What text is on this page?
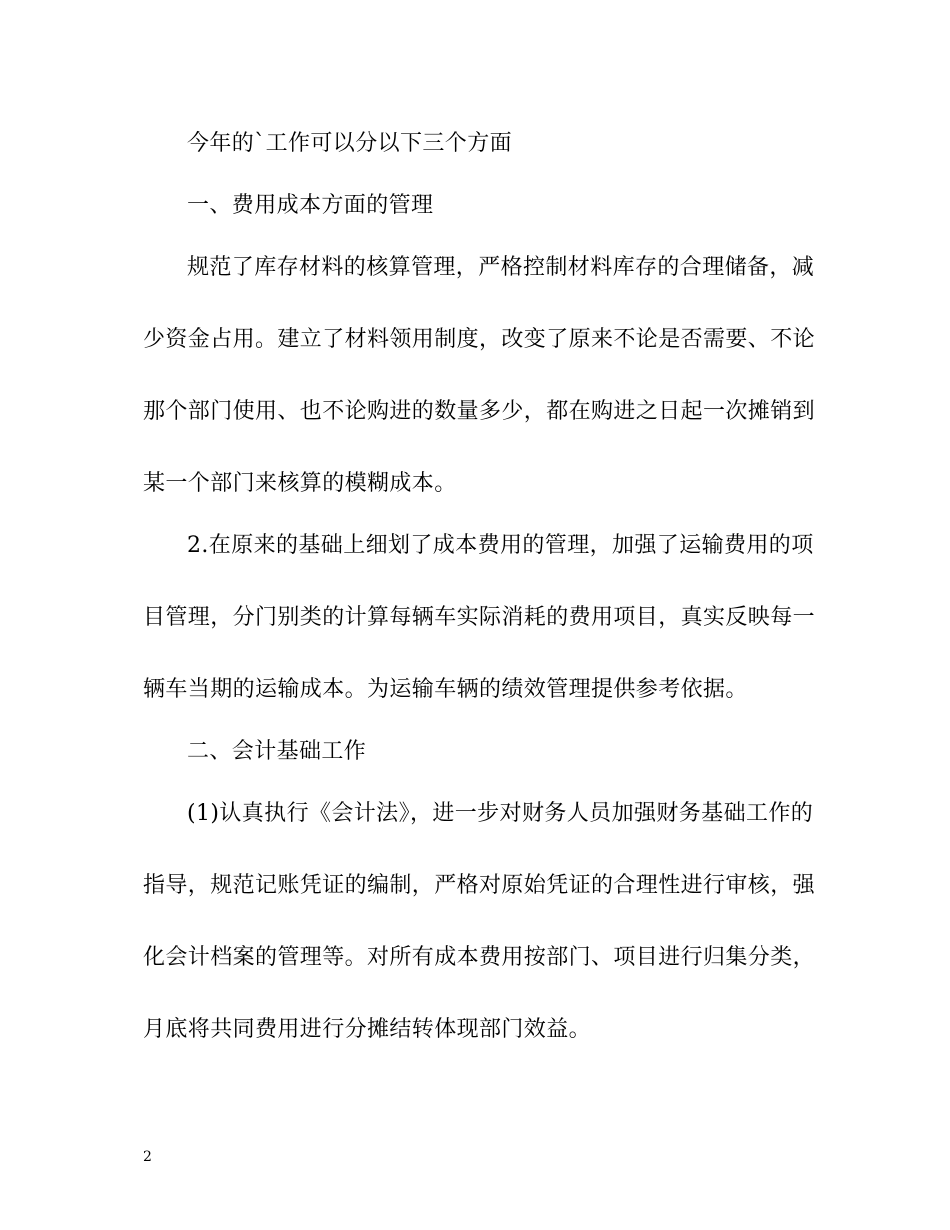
今年的`工作可以分以下三个方面
一、费用成本方面的管理
规范了库存材料的核算管理，严格控制材料库存的合理储备，减
少资金占用。建立了材料领用制度，改变了原来不论是否需要、不论
那个部门使用、也不论购进的数量多少，都在购进之日起一次摊销到
某一个部门来核算的模糊成本。
2.在原来的基础上细划了成本费用的管理，加强了运输费用的项
目管理，分门别类的计算每辆车实际消耗的费用项目，真实反映每一
辆车当期的运输成本。为运输车辆的绩效管理提供参考依据。
二、会计基础工作
(1)认真执行《会计法》，进一步对财务人员加强财务基础工作的
指导，规范记账凭证的编制，严格对原始凭证的合理性进行审核，强
化会计档案的管理等。对所有成本费用按部门、项目进行归集分类，
月底将共同费用进行分摊结转体现部门效益。
2
